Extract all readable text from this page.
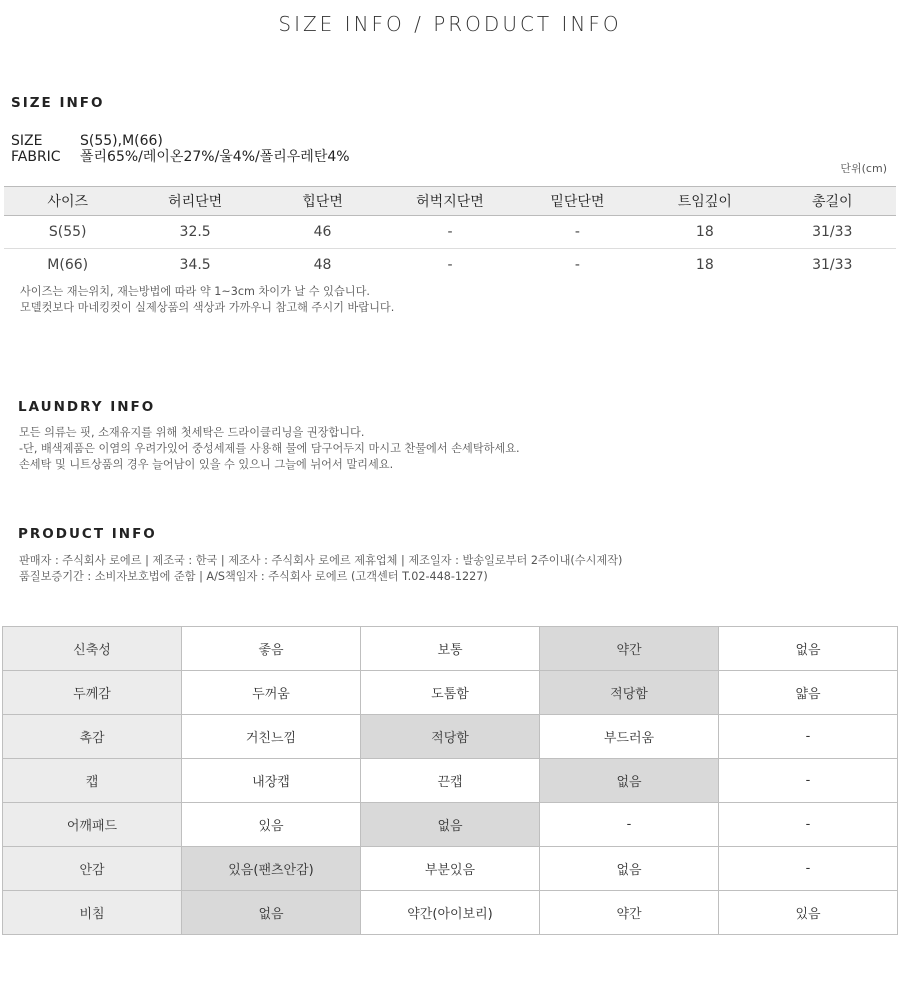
SIZE INFO / PRODUCT INFO
SIZE INFO
SIZE	S(55),M(66)
FABRIC	폴리65%/레이온27%/울4%/폴리우레탄4%
단위(cm)
사이즈	허리단면	힙단면	허벅지단면	밑단단면	트임깊이	총길이
S(55)	32.5	46	-	-	18	31/33
M(66)	34.5	48	-	-	18	31/33
사이즈는 재는위치, 재는방법에 따라 약 1~3cm 차이가 날 수 있습니다.
모델컷보다 마네킹컷이 실제상품의 색상과 가까우니 참고해 주시기 바랍니다.
LAUNDRY INFO
모든 의류는 핏, 소재유지를 위해 첫세탁은 드라이클리닝을 권장합니다.
-단, 배색제품은 이염의 우려가있어 중성세제를 사용해 물에 담구어두지 마시고 찬물에서 손세탁하세요.
손세탁 및 니트상품의 경우 늘어남이 있을 수 있으니 그늘에 뉘어서 말리세요.
PRODUCT INFO
판매자 : 주식회사 로에르 | 제조국 : 한국 | 제조사 : 주식회사 로에르 제휴업체 | 제조일자 : 발송일로부터 2주이내(수시제작)
품질보증기간 : 소비자보호법에 준함 | A/S책임자 : 주식회사 로에르 (고객센터 T.02-448-1227)
신축성	좋음	보통	약간	없음
두께감	두꺼움	도톰함	적당함	얇음
촉감	거친느낌	적당함	부드러움	-
캡	내장캡	끈캡	없음	-
어깨패드	있음	없음	-	-
안감	있음(팬츠안감)	부분있음	없음	-
비침	없음	약간(아이보리)	약간	있음
